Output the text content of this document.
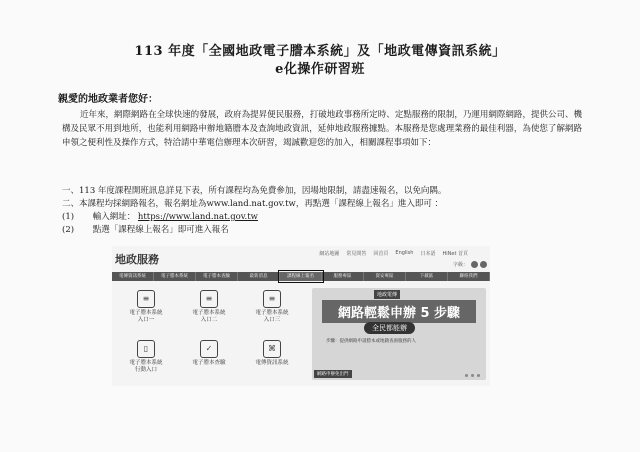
113 年度「全國地政電子謄本系統」及「地政電傳資訊系統」
e化操作研習班
親愛的地政業者您好：
近年來，網際網路在全球快速的發展，政府為提昇便民服務，打破地政事務所定時、定點服務的限制，乃運用網際網路，提供公司、機構及民眾不用到地所，也能利用網路申辦地籍謄本及查詢地政資訊，延伸地政服務據點。本服務是您處理業務的最佳利器，為使您了解網路申領之便利性及操作方式，特洽請中華電信辦理本次研習，竭誠歡迎您的加入，相關課程事項如下：
一、113 年度課程開班訊息詳見下表，所有課程均為免費參加，因場地限制，請盡速報名，以免向隅。
二、本課程均採網路報名，報名網址為www.land.nat.gov.tw，再點選「課程線上報名」進入即可 ：
(1) 輸入網址： https://www.land.nat.gov.tw
(2) 點選「課程線上報名」即可進入報名
地政服務	網站地圖 常見問答 回首頁 English 日本語 HiNet 首頁
字級：
電傳資訊系統	電子謄本系統	電子謄本查驗	最新消息	課程線上報名	服務專區	資安專區	下載區	聯絡我們
≡
電子謄本系統
入口一
≡
電子謄本系統
入口二
≡
電子謄本系統
入口三
▯
電子謄本系統
行動入口
✓
電子謄本查驗
⌘
電傳資訊系統
地政電傳
網路輕鬆申辦 5 步驟
全民都能辦
步驟：提供網路申請謄本或地籍查詢服務的人
網路申辦免出門
